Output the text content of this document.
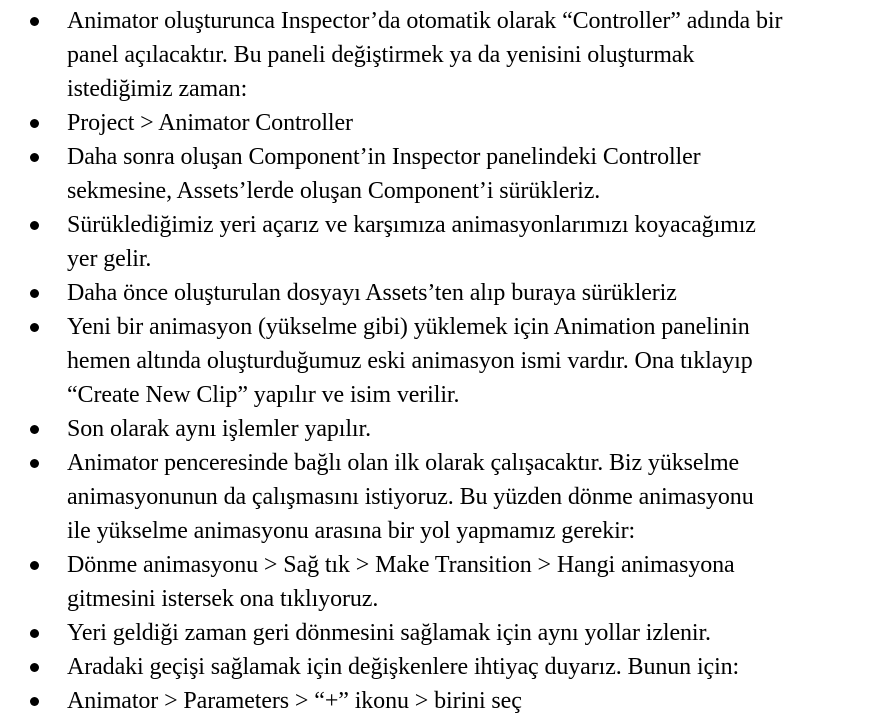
Animator oluşturunca Inspector’da otomatik olarak “Controller” adında bir
panel açılacaktır. Bu paneli değiştirmek ya da yenisini oluşturmak
istediğimiz zaman:
Project > Animator Controller
Daha sonra oluşan Component’in Inspector panelindeki Controller
sekmesine, Assets’lerde oluşan Component’i sürükleriz.
Sürüklediğimiz yeri açarız ve karşımıza animasyonlarımızı koyacağımız
yer gelir.
Daha önce oluşturulan dosyayı Assets’ten alıp buraya sürükleriz
Yeni bir animasyon (yükselme gibi) yüklemek için Animation panelinin
hemen altında oluşturduğumuz eski animasyon ismi vardır. Ona tıklayıp
“Create New Clip” yapılır ve isim verilir.
Son olarak aynı işlemler yapılır.
Animator penceresinde bağlı olan ilk olarak çalışacaktır. Biz yükselme
animasyonunun da çalışmasını istiyoruz. Bu yüzden dönme animasyonu
ile yükselme animasyonu arasına bir yol yapmamız gerekir:
Dönme animasyonu > Sağ tık > Make Transition > Hangi animasyona
gitmesini istersek ona tıklıyoruz.
Yeri geldiği zaman geri dönmesini sağlamak için aynı yollar izlenir.
Aradaki geçişi sağlamak için değişkenlere ihtiyaç duyarız. Bunun için:
Animator > Parameters > “+” ikonu > birini seç
